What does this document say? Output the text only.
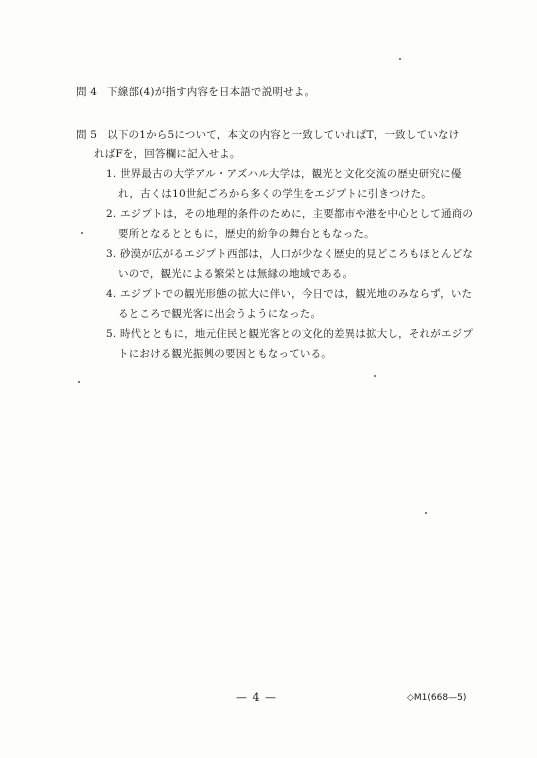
問 4 下線部(4)が指す内容を日本語で説明せよ。
問 5 以下の1から5について，本文の内容と一致していればT，一致していなけ
ればFを，回答欄に記入せよ。
1. 世界最古の大学アル・アズハル大学は，観光と文化交流の歴史研究に優
れ，古くは10世紀ごろから多くの学生をエジプトに引きつけた。
2. エジプトは，その地理的条件のために，主要都市や港を中心として通商の
要所となるとともに，歴史的紛争の舞台ともなった。
3. 砂漠が広がるエジプト西部は，人口が少なく歴史的見どころもほとんどな
いので，観光による繁栄とは無縁の地域である。
4. エジプトでの観光形態の拡大に伴い，今日では，観光地のみならず，いた
るところで観光客に出会うようになった。
5. 時代とともに，地元住民と観光客との文化的差異は拡大し，それがエジプ
トにおける観光振興の要因ともなっている。
— 4 —	◇M1(668—5)
